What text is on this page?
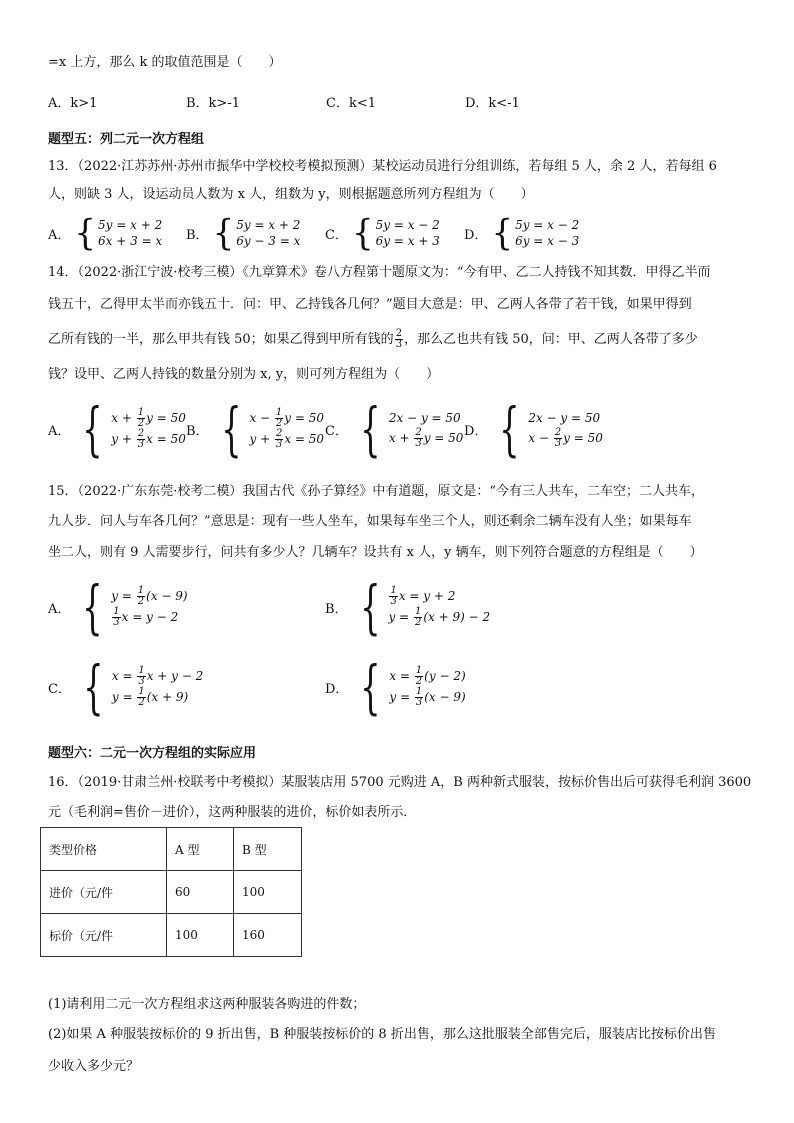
=x 上方，那么 k 的取值范围是（　　）
A．k>1	B．k>-1	C．k<1	D．k<-1
题型五：列二元一次方程组
13．（2022·江苏苏州·苏州市振华中学校校考模拟预测）某校运动员进行分组训练，若每组 5 人，余 2 人，若每组 6
人，则缺 3 人，设运动员人数为 x 人，组数为 y，则根据题意所列方程组为（　　）
A． { 5y = x + 2
6x + 3 = x B． { 5y = x + 2
6y − 3 = x C． { 5y = x − 2
6y = x + 3 D． { 5y = x − 2
6y = x − 3
14．（2022·浙江宁波·校考三模）《九章算术》卷八方程第十题原文为：“今有甲、乙二人持钱不知其数．甲得乙半而
钱五十，乙得甲太半而亦钱五十．问：甲、乙持钱各几何？”题目大意是：甲、乙两人各带了若干钱，如果甲得到
乙所有钱的一半，那么甲共有钱 50；如果乙得到甲所有钱的 $\frac{2}{3}$ ，那么乙也共有钱 50，问：甲、乙两人各带了多少
钱？设甲、乙两人持钱的数量分别为 x, y，则可列方程组为（　　）
A． { $x + \frac{1}{2}$ y = 50
$y + \frac{2}{3}$ x = 50
B． { $x - \frac{1}{2}$ y = 50
$y + \frac{2}{3}$ x = 50
C． { 2x − y = 50
$x + \frac{2}{3}$ y = 50 D． { 2x − y = 50
$x - \frac{2}{3}$ y = 50
15．（2022·广东东莞·校考二模）我国古代《孙子算经》中有道题，原文是：“今有三人共车，二车空；二人共车，
九人步．问人与车各几何？”意思是：现有一些人坐车，如果每车坐三个人，则还剩余二辆车没有人坐；如果每车
坐二人，则有 9 人需要步行，问共有多少人？几辆车？设共有 x 人，y 辆车，则下列符合题意的方程组是（　　）
A． { $y = \frac{1}{2} (x - 9)$
$\frac{1}{3}$ x = y − 2
B． { $\frac{1}{3}$ x = y + 2
$y = \frac{1}{2} (x + 9) - 2$
C． { $x = \frac{1}{3}$ x + y − 2
$y = \frac{1}{2} (x + 9)$
D． { $x = \frac{1}{2} (y - 2)$
$y = \frac{1}{3} (x - 9)$
题型六：二元一次方程组的实际应用
16．（2019·甘肃兰州·校联考中考模拟）某服装店用 5700 元购进 A，B 两种新式服装，按标价售出后可获得毛利润 3600
元（毛利润=售价－进价），这两种服装的进价，标价如表所示．
类型价格	A 型	B 型
进价（元/件	60	100
标价（元/件	100	160
(1)请利用二元一次方程组求这两种服装各购进的件数；
(2)如果 A 种服装按标价的 9 折出售，B 种服装按标价的 8 折出售，那么这批服装全部售完后，服装店比按标价出售
少收入多少元？
